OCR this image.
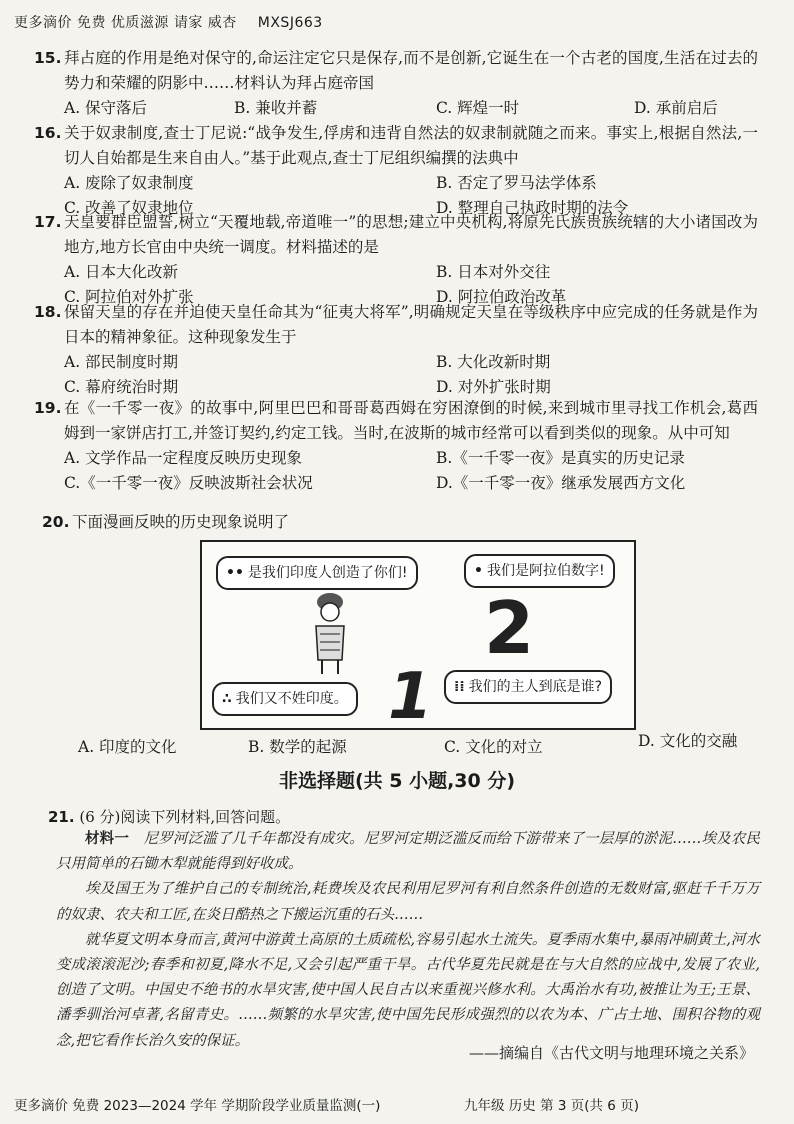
更多滴价 免费 优质滋源 请家 威杏 MXSJ663
15. 拜占庭的作用是绝对保守的,命运注定它只是保存,而不是创新,它诞生在一个古老的国度,生活在过去的势力和荣耀的阴影中……材料认为拜占庭帝国
A. 保守落后	B. 兼收并蓄	C. 辉煌一时	D. 承前启后
16. 关于奴隶制度,查士丁尼说:“战争发生,俘虏和违背自然法的奴隶制就随之而来。事实上,根据自然法,一切人自始都是生来自由人。”基于此观点,查士丁尼组织编撰的法典中
A. 废除了奴隶制度	B. 否定了罗马法学体系
C. 改善了奴隶地位	D. 整理自己执政时期的法令
17. 天皇要群臣盟誓,树立“天覆地载,帝道唯一”的思想;建立中央机构,将原先氏族贵族统辖的大小诸国改为地方,地方长官由中央统一调度。材料描述的是
A. 日本大化改新	B. 日本对外交往
C. 阿拉伯对外扩张	D. 阿拉伯政治改革
18. 保留天皇的存在并迫使天皇任命其为“征夷大将军”,明确规定天皇在等级秩序中应完成的任务就是作为日本的精神象征。这种现象发生于
A. 部民制度时期	B. 大化改新时期
C. 幕府统治时期	D. 对外扩张时期
19. 在《一千零一夜》的故事中,阿里巴巴和哥哥葛西姆在穷困潦倒的时候,来到城市里寻找工作机会,葛西姆到一家饼店打工,并签订契约,约定工钱。当时,在波斯的城市经常可以看到类似的现象。从中可知
A. 文学作品一定程度反映历史现象	B.《一千零一夜》是真实的历史记录
C.《一千零一夜》反映波斯社会状况	D.《一千零一夜》继承发展西方文化
20. 下面漫画反映的历史现象说明了
•• 是我们印度人创造了你们!	• 我们是阿拉伯数字!
∴ 我们又不姓印度。
⁞⁞ 我们的主人到底是谁?
2
1
A. 印度的文化	B. 数学的起源	C. 文化的对立	D. 文化的交融
非选择题(共 5 小题,30 分)
21. (6 分)阅读下列材料,回答问题。

材料一 尼罗河泛滥了几千年都没有成灾。尼罗河定期泛滥反而给下游带来了一层厚的淤泥……埃及农民只用简单的石锄木犁就能得到好收成。

埃及国王为了维护自己的专制统治,耗费埃及农民利用尼罗河有利自然条件创造的无数财富,驱赶千千万万的奴隶、农夫和工匠,在炎日酷热之下搬运沉重的石头……

就华夏文明本身而言,黄河中游黄土高原的土质疏松,容易引起水土流失。夏季雨水集中,暴雨冲刷黄土,河水变成滚滚泥沙;春季和初夏,降水不足,又会引起严重干旱。古代华夏先民就是在与大自然的应战中,发展了农业,创造了文明。中国史不绝书的水旱灾害,使中国人民自古以来重视兴修水利。大禹治水有功,被推让为王;王景、潘季驯治河卓著,名留青史。……频繁的水旱灾害,使中国先民形成强烈的以农为本、广占土地、围积谷物的观念,把它看作长治久安的保证。

——摘编自《古代文明与地理环境之关系》
更多滴价 免费 2023—2024 学年 学期阶段学业质量监测(一)	九年级 历史 第 3 页(共 6 页)
